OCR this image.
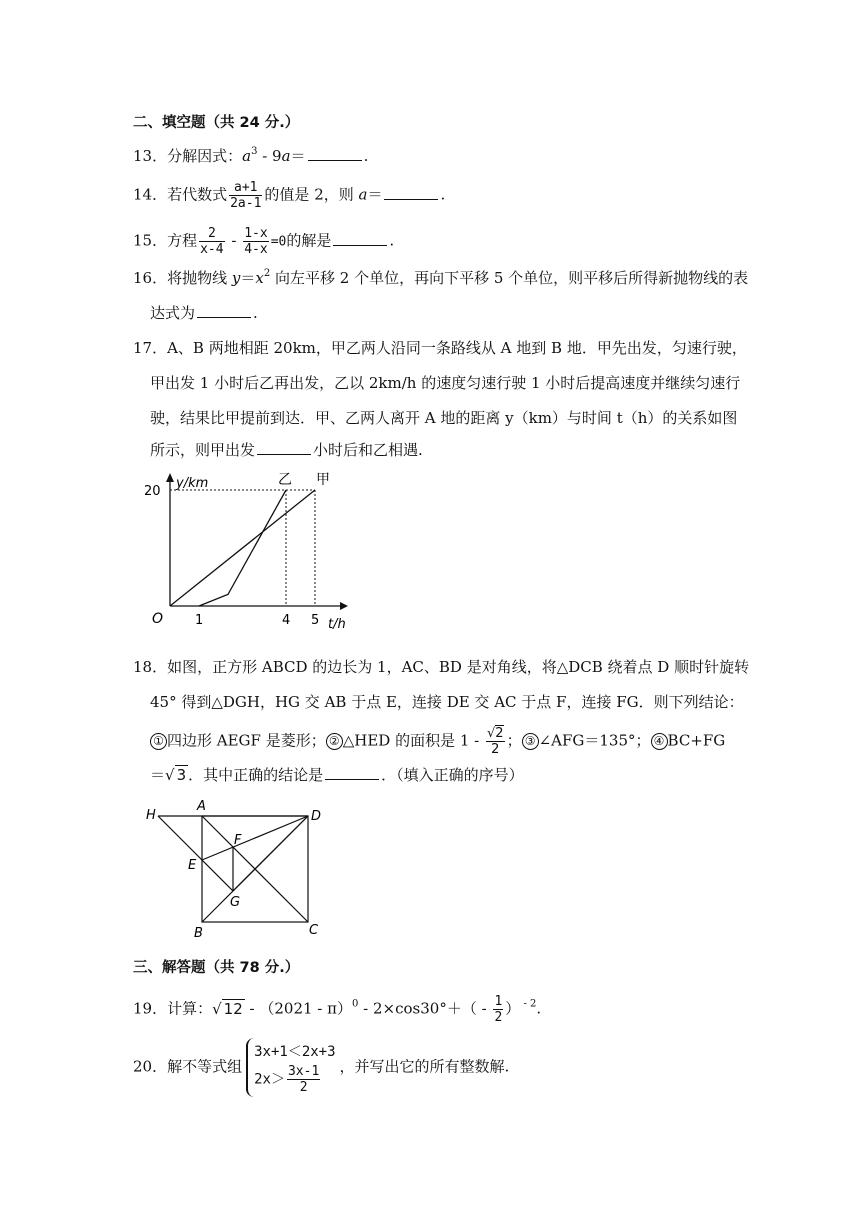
二、填空题（共 24 分.）
13．分解因式：$a^3 - 9a=$	.
14．若代数式 $\frac{a+1}{2a-1}$ 的值是 2，则 a＝	.
15．方程 $\frac{2}{x-4} - \frac{1-x}{4-x} =0$的解是	.
16．将抛物线 $y=x^2$ 向左平移 2 个单位，再向下平移 5 个单位，则平移后所得新抛物线的表
达式为	.
17．A、B 两地相距 20km，甲乙两人沿同一条路线从 A 地到 B 地．甲先出发，匀速行驶，
甲出发 1 小时后乙再出发，乙以 2km/h 的速度匀速行驶 1 小时后提高速度并继续匀速行
驶，结果比甲提前到达．甲、乙两人离开 A 地的距离 y（km）与时间 t（h）的关系如图
所示，则甲出发	小时后和乙相遇.
y/km
t/h
O 1	4 5
20
甲
乙
18．如图，正方形 ABCD 的边长为 1，AC、BD 是对角线，将△DCB 绕着点 D 顺时针旋转
45° 得到△DGH，HG 交 AB 于点 E，连接 DE 交 AC 于点 F，连接 FG．则下列结论：
① 四边形 AEGF 是菱形； ② △HED 的面积是 $1 - \frac{√2}{2}$ ； ③ ∠AFG＝135°； ④ BC+FG
＝√ 3 ．其中正确的结论是	．（填入正确的序号）
H
A
D
F
E
G
B	C
三、解答题（共 78 分.）
19．计算：√ $12 - (2021 - \pi)^0 - 2\times\cos 30^\circ+( - \frac{1}{2}$ ） $^{- 2}$.
20．解不等式组
3x+1＜2x+3
$2x> \frac{3x-1}{2}$ ，并写出它的所有整数解.
